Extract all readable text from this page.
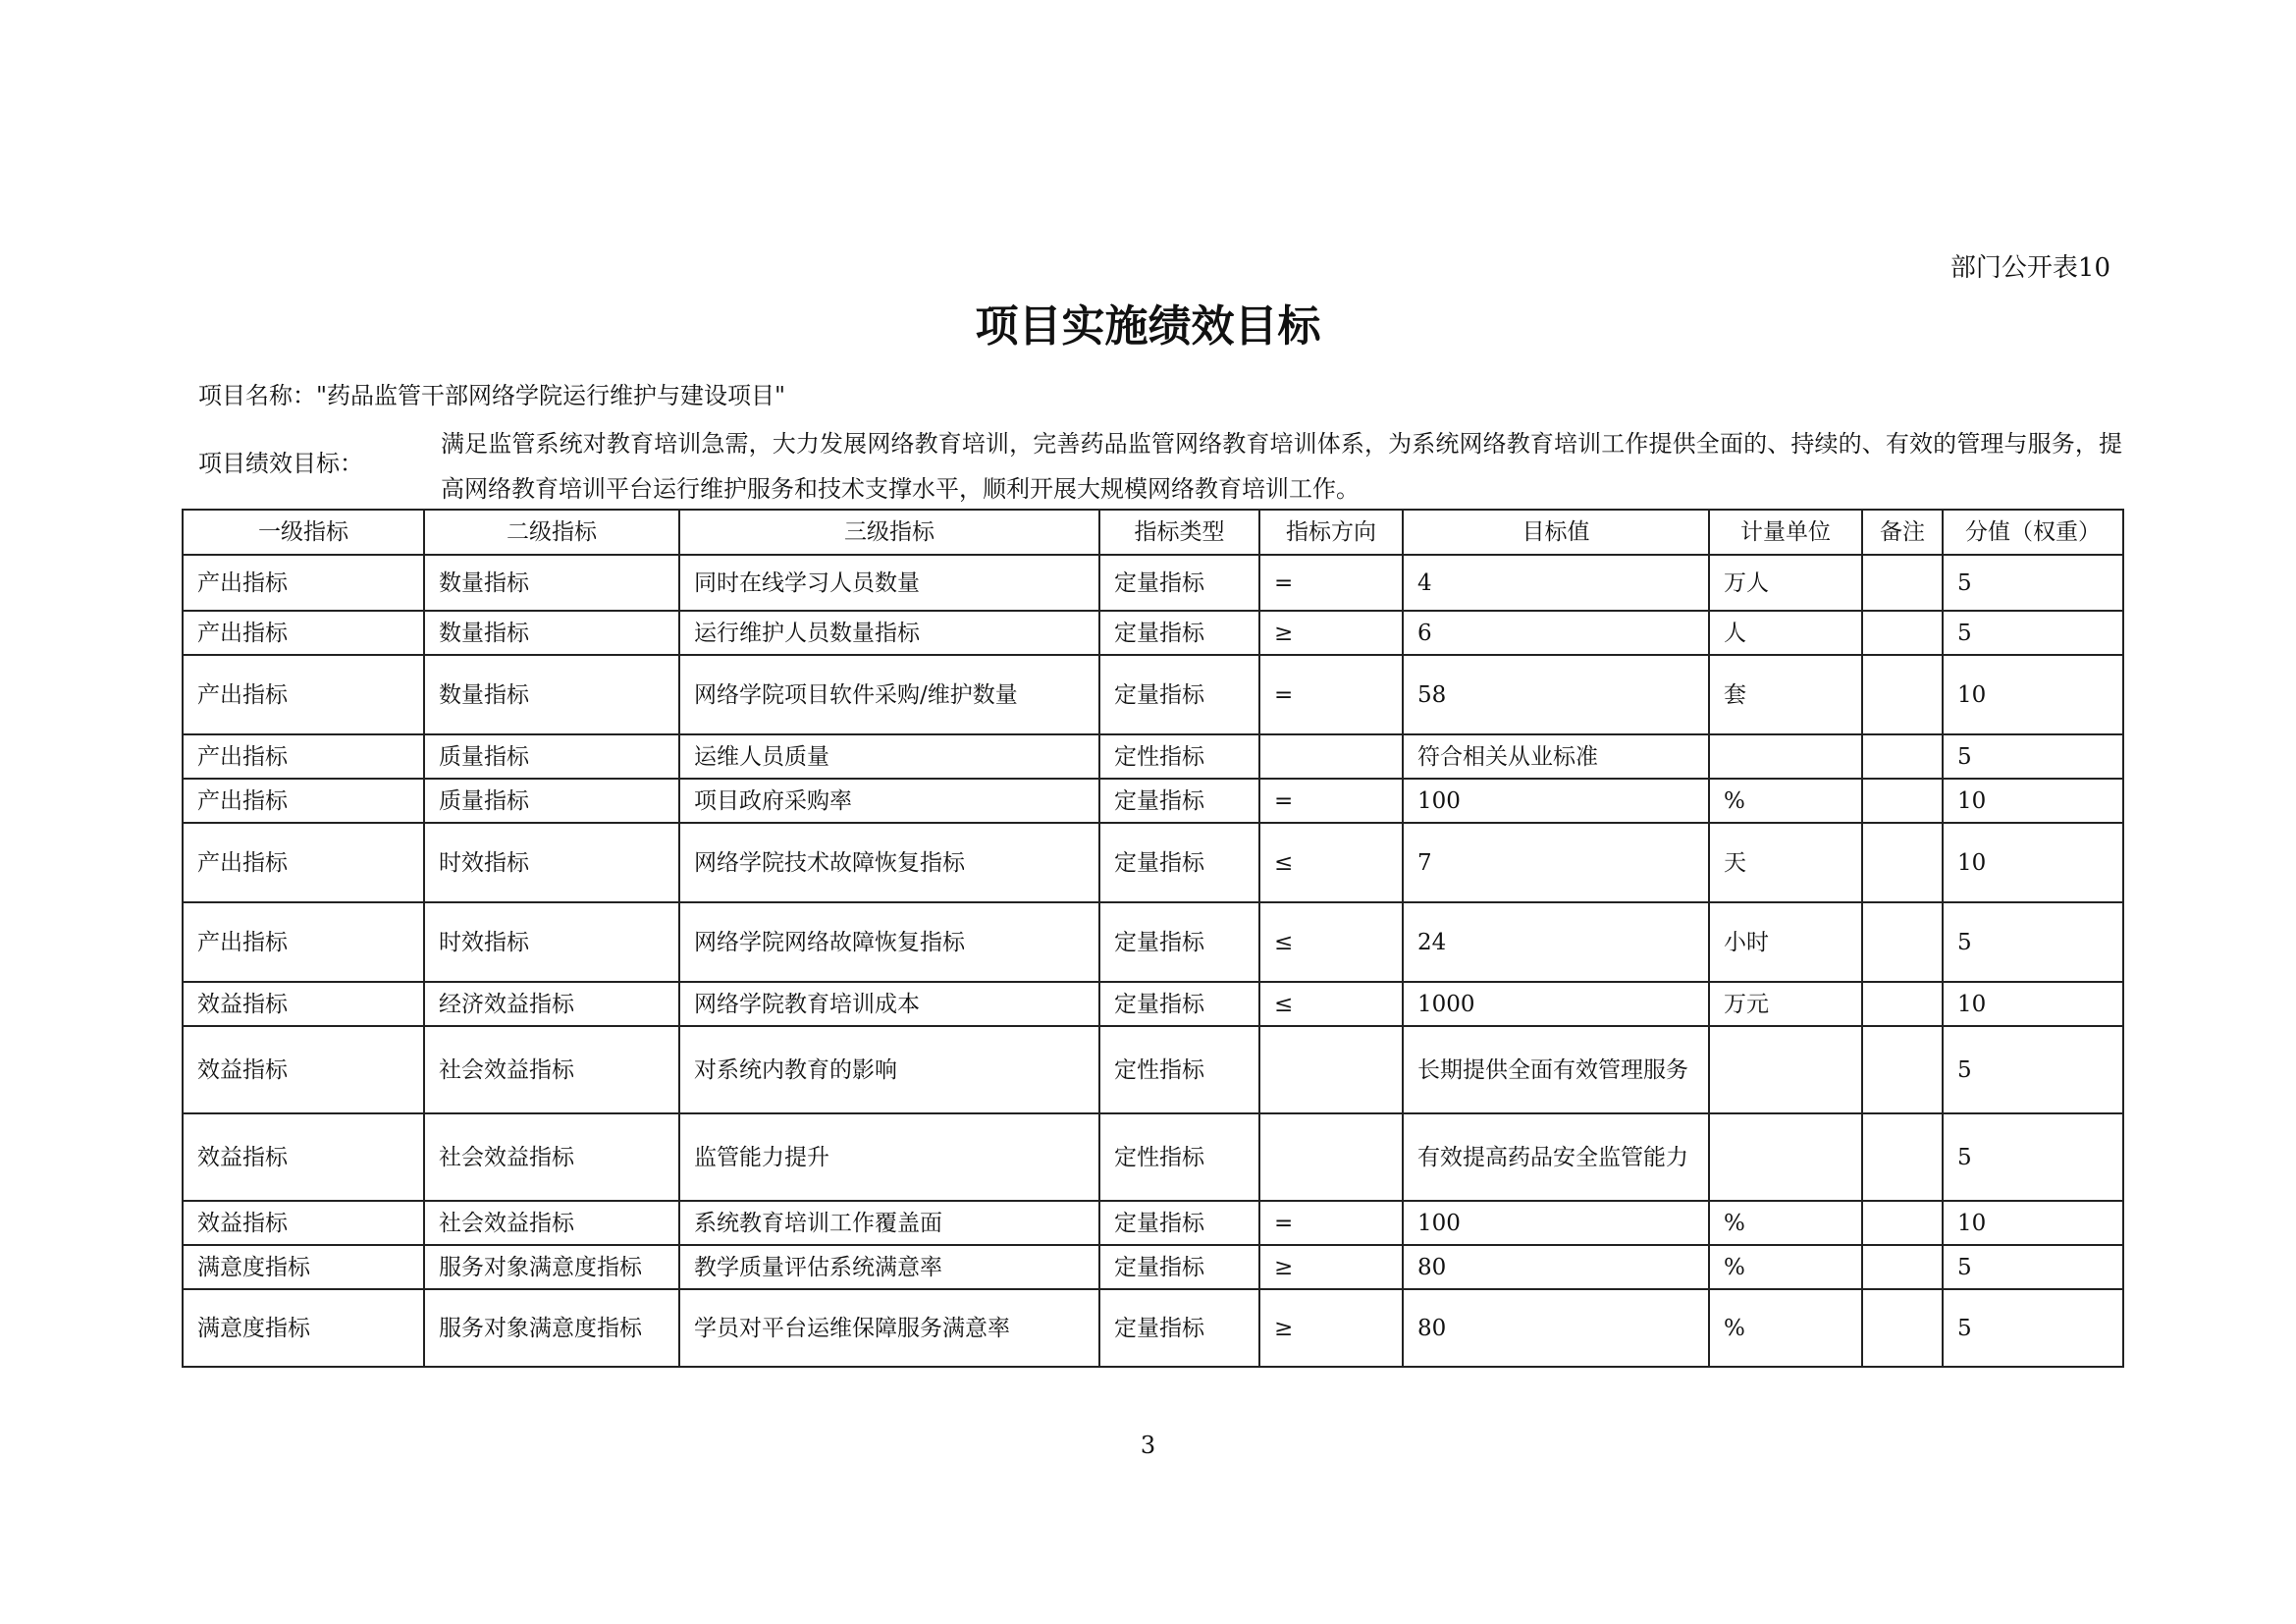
部门公开表10
项目实施绩效目标
项目名称："药品监管干部网络学院运行维护与建设项目"
项目绩效目标：
满足监管系统对教育培训急需，大力发展网络教育培训，完善药品监管网络教育培训体系，为系统网络教育培训工作提供全面的、持续的、有效的管理与服务，提高网络教育培训平台运行维护服务和技术支撑水平，顺利开展大规模网络教育培训工作。
一级指标	二级指标	三级指标	指标类型	指标方向	目标值	计量单位	备注	分值（权重）
产出指标	数量指标	同时在线学习人员数量	定量指标	=	4	万人		5
产出指标	数量指标	运行维护人员数量指标	定量指标	≥	6	人		5
产出指标	数量指标	网络学院项目软件采购/维护数量	定量指标	=	58	套		10
产出指标	质量指标	运维人员质量	定性指标		符合相关从业标准			5
产出指标	质量指标	项目政府采购率	定量指标	=	100	%		10
产出指标	时效指标	网络学院技术故障恢复指标	定量指标	≤	7	天		10
产出指标	时效指标	网络学院网络故障恢复指标	定量指标	≤	24	小时		5
效益指标	经济效益指标	网络学院教育培训成本	定量指标	≤	1000	万元		10
效益指标	社会效益指标	对系统内教育的影响	定性指标		长期提供全面有效管理服务			5
效益指标	社会效益指标	监管能力提升	定性指标		有效提高药品安全监管能力			5
效益指标	社会效益指标	系统教育培训工作覆盖面	定量指标	=	100	%		10
满意度指标	服务对象满意度指标	教学质量评估系统满意率	定量指标	≥	80	%		5
满意度指标	服务对象满意度指标	学员对平台运维保障服务满意率	定量指标	≥	80	%		5
3
